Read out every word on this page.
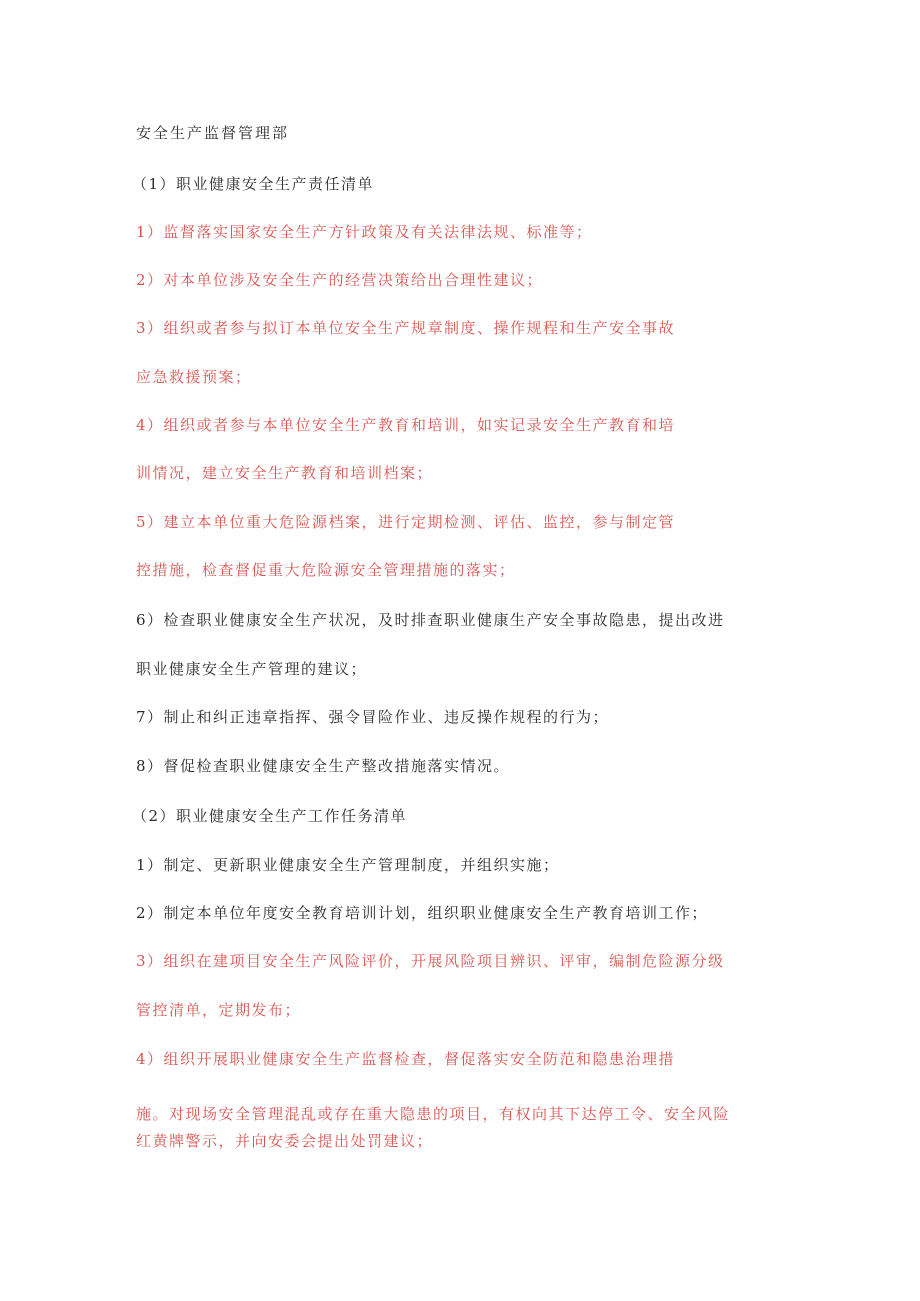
安全生产监督管理部
（1）职业健康安全生产责任清单
1）监督落实国家安全生产方针政策及有关法律法规、标准等；
2）对本单位涉及安全生产的经营决策给出合理性建议；
3）组织或者参与拟订本单位安全生产规章制度、操作规程和生产安全事故
应急救援预案；
4）组织或者参与本单位安全生产教育和培训，如实记录安全生产教育和培
训情况，建立安全生产教育和培训档案；
5）建立本单位重大危险源档案，进行定期检测、评估、监控，参与制定管
控措施，检查督促重大危险源安全管理措施的落实；
6）检查职业健康安全生产状况，及时排查职业健康生产安全事故隐患，提出改进
职业健康安全生产管理的建议；
7）制止和纠正违章指挥、强令冒险作业、违反操作规程的行为；
8）督促检查职业健康安全生产整改措施落实情况。
（2）职业健康安全生产工作任务清单
1）制定、更新职业健康安全生产管理制度，并组织实施；
2）制定本单位年度安全教育培训计划，组织职业健康安全生产教育培训工作；
3）组织在建项目安全生产风险评价，开展风险项目辨识、评审，编制危险源分级
管控清单，定期发布；
4）组织开展职业健康安全生产监督检查，督促落实安全防范和隐患治理措
施。对现场安全管理混乱或存在重大隐患的项目，有权向其下达停工令、安全风险
红黄牌警示，并向安委会提出处罚建议；
